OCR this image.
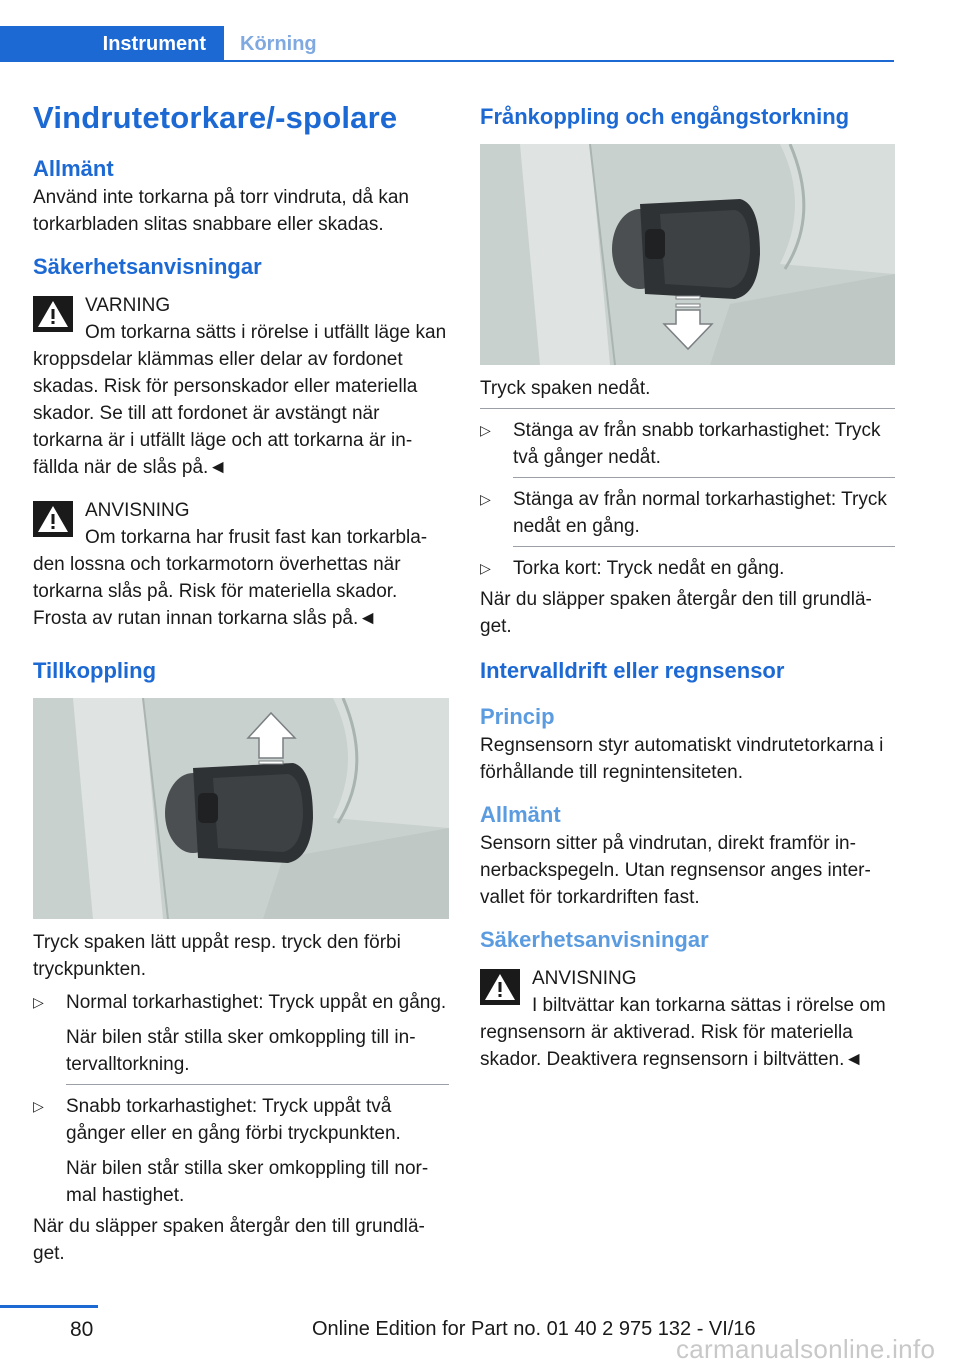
Instrument	Körning
Vindrutetorkare/-spolare
Allmänt
Använd inte torkarna på torr vindruta, då kan torkarbladen slitas snabbare eller skadas.
Säkerhetsanvisningar
VARNING
Om torkarna sätts i rörelse i utfällt läge kan kroppsdelar klämmas eller delar av fordonet skadas. Risk för personskador eller materiella skador. Se till att fordonet är avstängt när torkarna är i utfällt läge och att torkarna är infällda när de slås på.◄
ANVISNING
Om torkarna har frusit fast kan torkarbladen lossna och torkarmotorn överhettas när torkarna slås på. Risk för materiella skador. Frosta av rutan innan torkarna slås på.◄
Tillkoppling
Tryck spaken lätt uppåt resp. tryck den förbi tryckpunkten.
▷ Normal torkarhastighet: Tryck uppåt en gång.
När bilen står stilla sker omkoppling till intervalltorkning.
▷ Snabb torkarhastighet: Tryck uppåt två gånger eller en gång förbi tryckpunkten.
När bilen står stilla sker omkoppling till normal hastighet.
När du släpper spaken återgår den till grundläget.
Frånkoppling och engångstorkning
Tryck spaken nedåt.
▷ Stänga av från snabb torkarhastighet: Tryck två gånger nedåt.
▷ Stänga av från normal torkarhastighet: Tryck nedåt en gång.
▷ Torka kort: Tryck nedåt en gång.
När du släpper spaken återgår den till grundläget.
Intervalldrift eller regnsensor
Princip
Regnsensorn styr automatiskt vindrutetorkarna i förhållande till regnintensiteten.
Allmänt
Sensorn sitter på vindrutan, direkt framför innerbackspegeln. Utan regnsensor anges intervallet för torkardriften fast.
Säkerhetsanvisningar
ANVISNING
I biltvättar kan torkarna sättas i rörelse om regnsensorn är aktiverad. Risk för materiella skador. Deaktivera regnsensorn i biltvätten.◄
80	Online Edition for Part no. 01 40 2 975 132 - VI/16
carmanualsonline.info
